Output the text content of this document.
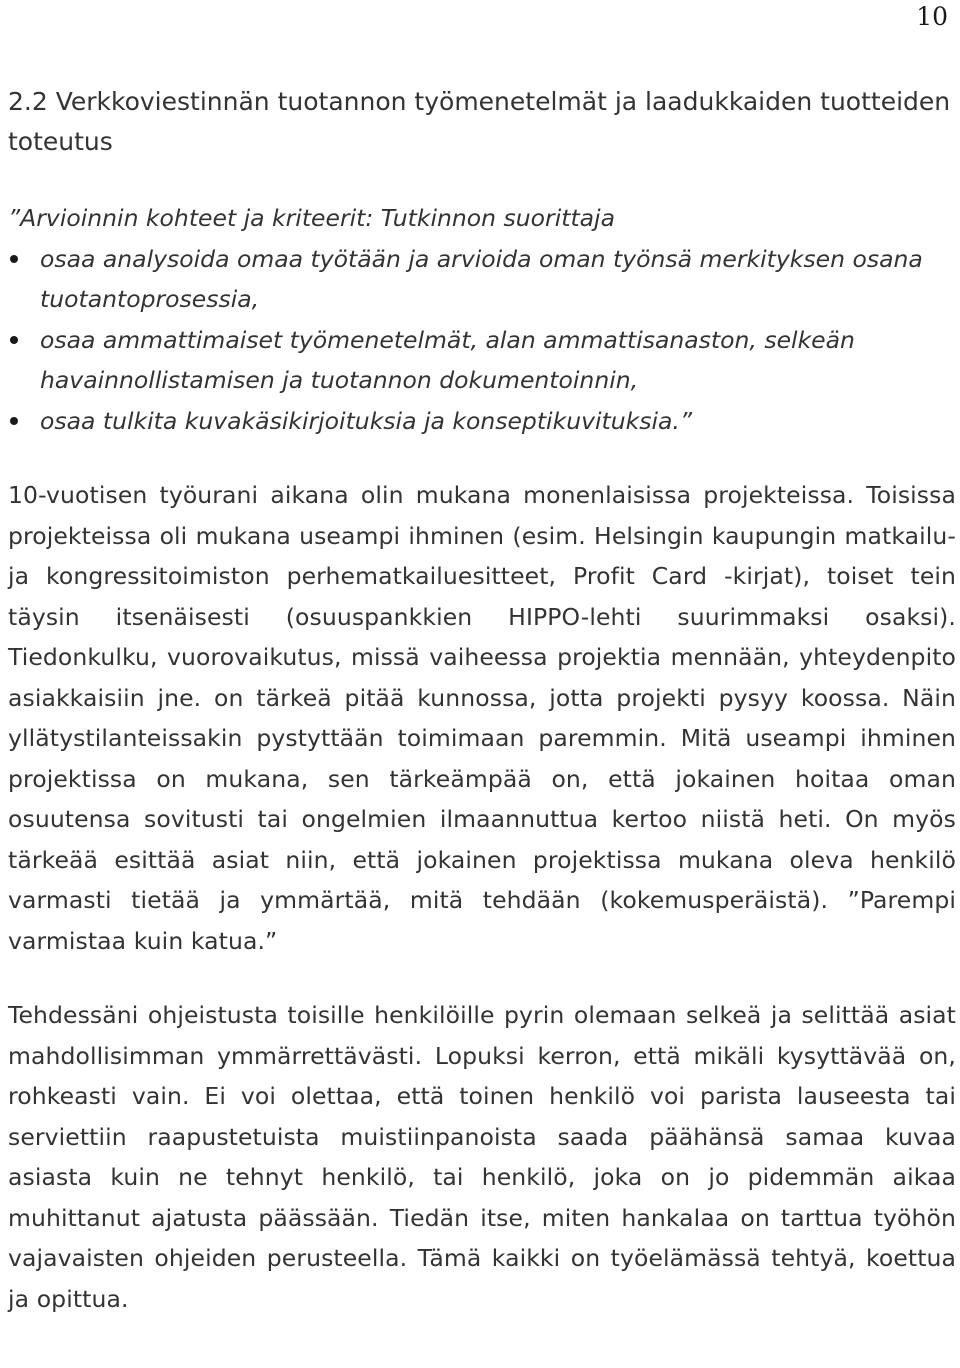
10
2.2 Verkkoviestinnän tuotannon työmenetelmät ja laadukkaiden tuotteiden toteutus
”Arvioinnin kohteet ja kriteerit: Tutkinnon suorittaja
osaa analysoida omaa työtään ja arvioida oman työnsä merkityksen osana tuotantoprosessia,
osaa ammattimaiset työmenetelmät, alan ammattisanaston, selkeän havainnollistamisen ja tuotannon dokumentoinnin,
osaa tulkita kuvakäsikirjoituksia ja konseptikuvituksia.”

10-vuotisen työurani aikana olin mukana monenlaisissa projekteissa. Toisissa projekteissa oli mukana useampi ihminen (esim. Helsingin kaupungin matkailu- ja kongressitoimiston perhematkailuesitteet, Profit Card -kirjat), toiset tein täysin itsenäisesti (osuuspankkien HIPPO-lehti suurimmaksi osaksi). Tiedonkulku, vuorovaikutus, missä vaiheessa projektia mennään, yhteydenpito asiakkaisiin jne. on tärkeä pitää kunnossa, jotta projekti pysyy koossa. Näin yllätystilanteissakin pystyttään toimimaan paremmin. Mitä useampi ihminen projektissa on mukana, sen tärkeämpää on, että jokainen hoitaa oman osuutensa sovitusti tai ongelmien ilmaannuttua kertoo niistä heti. On myös tärkeää esittää asiat niin, että jokainen projektissa mukana oleva henkilö varmasti tietää ja ymmärtää, mitä tehdään (kokemusperäistä). ”Parempi varmistaa kuin katua.”

Tehdessäni ohjeistusta toisille henkilöille pyrin olemaan selkeä ja selittää asiat mahdollisimman ymmärrettävästi. Lopuksi kerron, että mikäli kysyttävää on, rohkeasti vain. Ei voi olettaa, että toinen henkilö voi parista lauseesta tai serviettiin raapustetuista muistiinpanoista saada päähänsä samaa kuvaa asiasta kuin ne tehnyt henkilö, tai henkilö, joka on jo pidemmän aikaa muhittanut ajatusta päässään. Tiedän itse, miten hankalaa on tarttua työhön vajavaisten ohjeiden perusteella. Tämä kaikki on työelämässä tehtyä, koettua ja opittua.
